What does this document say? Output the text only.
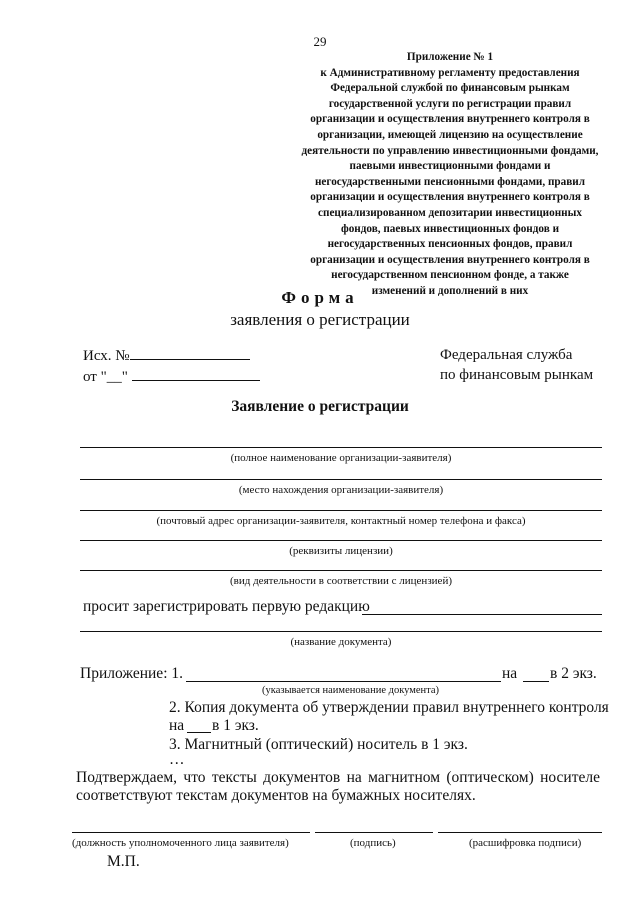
29
Приложение № 1
к Административному регламенту предоставления
Федеральной службой по финансовым рынкам
государственной услуги по регистрации правил
организации и осуществления внутреннего контроля в
организации, имеющей лицензию на осуществление
деятельности по управлению инвестиционными фондами,
паевыми инвестиционными фондами и
негосударственными пенсионными фондами, правил
организации и осуществления внутреннего контроля в
специализированном депозитарии инвестиционных
фондов, паевых инвестиционных фондов и
негосударственных пенсионных фондов, правил
организации и осуществления внутреннего контроля в
негосударственном пенсионном фонде, а также
изменений и дополнений в них
Форма
заявления о регистрации
Исх. №
от "__"
Федеральная служба
по финансовым рынкам
Заявление о регистрации
(полное наименование организации-заявителя)
(место нахождения организации-заявителя)
(почтовый адрес организации-заявителя, контактный номер телефона и факса)
(реквизиты лицензии)
(вид деятельности в соответствии с лицензией)
просит зарегистрировать первую редакцию
(название документа)
Приложение: 1.	на в 2 экз.
(указывается наименование документа)
2. Копия документа об утверждении правил внутреннего контроля
на в 1 экз.
3. Магнитный (оптический) носитель в 1 экз.
…
Подтверждаем, что тексты документов на магнитном (оптическом) носителе
соответствуют текстам документов на бумажных носителях.
(должность уполномоченного лица заявителя)	(подпись)	(расшифровка подписи)
М.П.
